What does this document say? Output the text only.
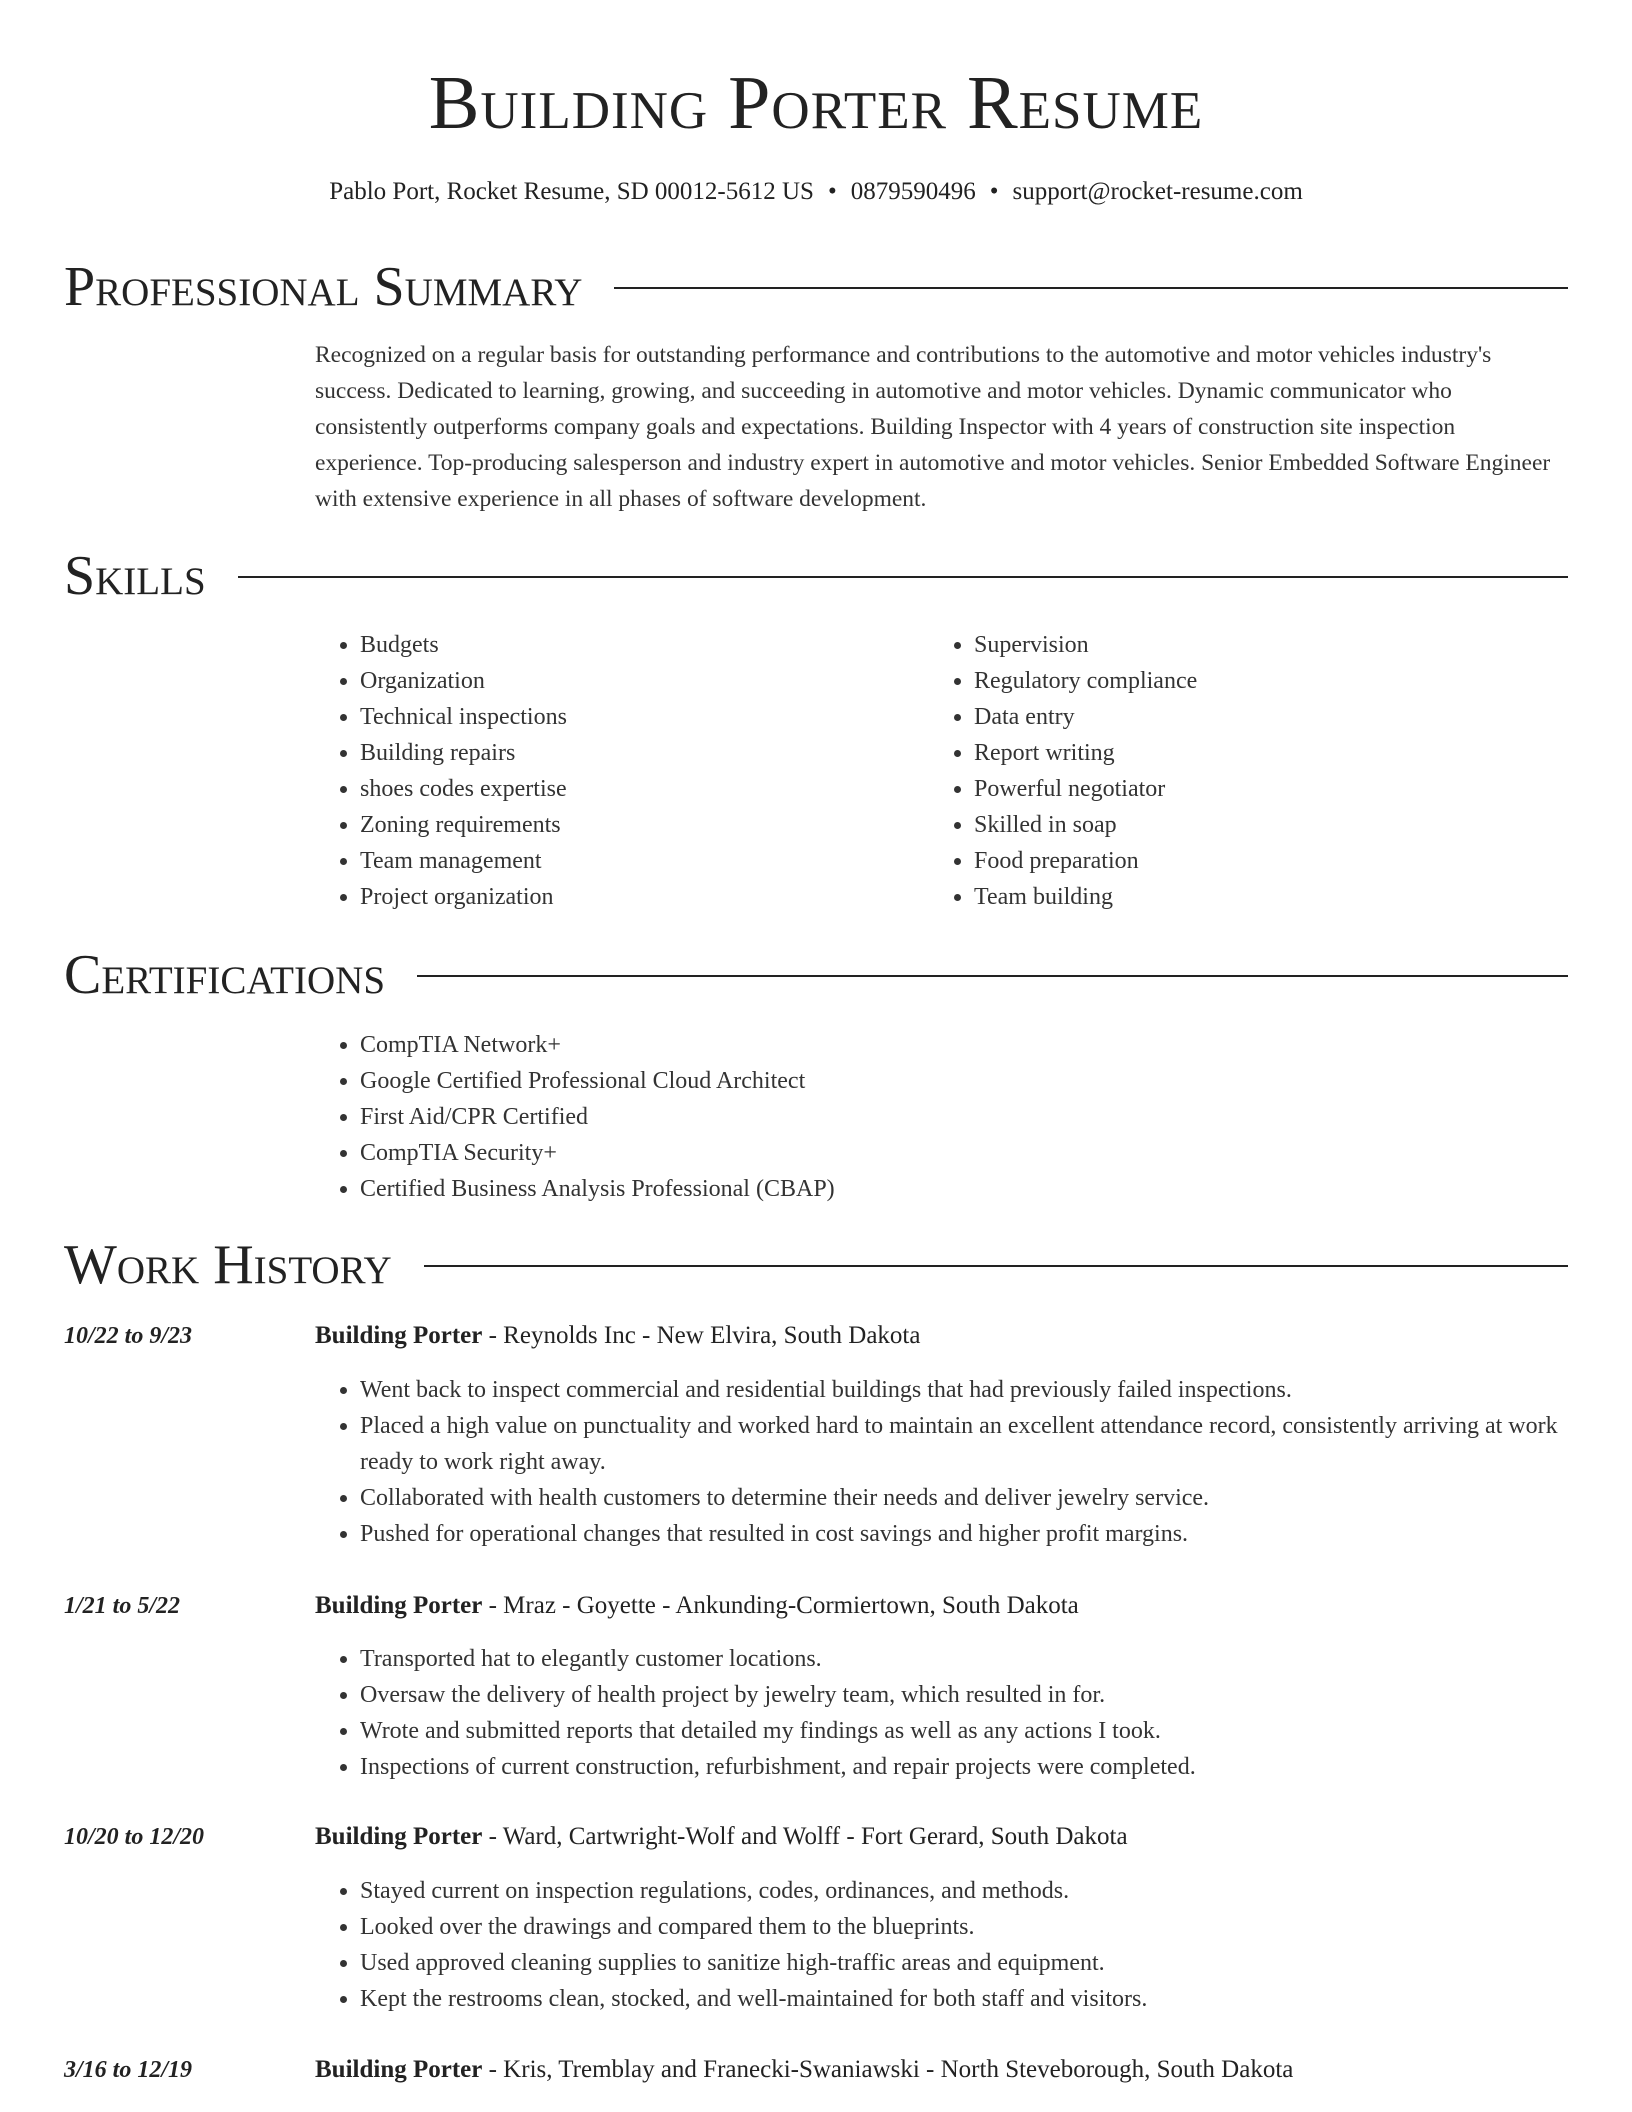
Building Porter Resume
Pablo Port, Rocket Resume, SD 00012-5612 US • 0879590496 • support@rocket-resume.com
Professional Summary

Recognized on a regular basis for outstanding performance and contributions to the automotive and motor vehicles industry's success. Dedicated to learning, growing, and succeeding in automotive and motor vehicles. Dynamic communicator who consistently outperforms company goals and expectations. Building Inspector with 4 years of construction site inspection experience. Top-producing salesperson and industry expert in automotive and motor vehicles. Senior Embedded Software Engineer with extensive experience in all phases of software development.

Skills
• Budgets
• Organization
• Technical inspections
• Building repairs
• shoes codes expertise
• Zoning requirements
• Team management
• Project organization
• Supervision
• Regulatory compliance
• Data entry
• Report writing
• Powerful negotiator
• Skilled in soap
• Food preparation
• Team building
Certifications
• CompTIA Network+
• Google Certified Professional Cloud Architect
• First Aid/CPR Certified
• CompTIA Security+
• Certified Business Analysis Professional (CBAP)
Work History
10/22 to 9/23	Building Porter - Reynolds Inc - New Elvira, South Dakota
• Went back to inspect commercial and residential buildings that had previously failed inspections.
• Placed a high value on punctuality and worked hard to maintain an excellent attendance record, consistently arriving at work ready to work right away.
• Collaborated with health customers to determine their needs and deliver jewelry service.
• Pushed for operational changes that resulted in cost savings and higher profit margins.
1/21 to 5/22	Building Porter - Mraz - Goyette - Ankunding-Cormiertown, South Dakota
• Transported hat to elegantly customer locations.
• Oversaw the delivery of health project by jewelry team, which resulted in for.
• Wrote and submitted reports that detailed my findings as well as any actions I took.
• Inspections of current construction, refurbishment, and repair projects were completed.
10/20 to 12/20	Building Porter - Ward, Cartwright-Wolf and Wolff - Fort Gerard, South Dakota
• Stayed current on inspection regulations, codes, ordinances, and methods.
• Looked over the drawings and compared them to the blueprints.
• Used approved cleaning supplies to sanitize high-traffic areas and equipment.
• Kept the restrooms clean, stocked, and well-maintained for both staff and visitors.
3/16 to 12/19	Building Porter - Kris, Tremblay and Franecki-Swaniawski - North Steveborough, South Dakota
